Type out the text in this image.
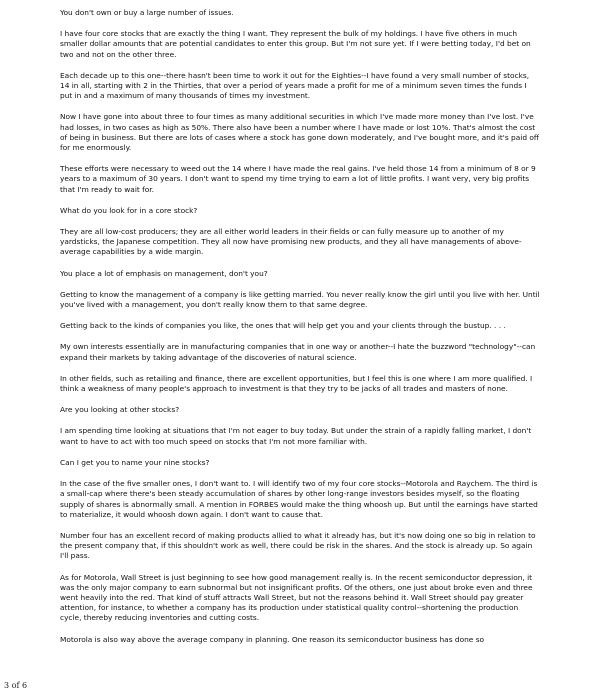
You don't own or buy a large number of issues.

I have four core stocks that are exactly the thing I want. They represent the bulk of my holdings. I have five others in much smaller dollar amounts that are potential candidates to enter this group. But I'm not sure yet. If I were betting today, I'd bet on two and not on the other three.

Each decade up to this one--there hasn't been time to work it out for the Eighties--I have found a very small number of stocks, 14 in all, starting with 2 in the Thirties, that over a period of years made a profit for me of a minimum seven times the funds I put in and a maximum of many thousands of times my investment.

Now I have gone into about three to four times as many additional securities in which I've made more money than I've lost. I've had losses, in two cases as high as 50%. There also have been a number where I have made or lost 10%. That's almost the cost of being in business. But there are lots of cases where a stock has gone down moderately, and I've bought more, and it's paid off for me enormously.

These efforts were necessary to weed out the 14 where I have made the real gains. I've held those 14 from a minimum of 8 or 9 years to a maximum of 30 years. I don't want to spend my time trying to earn a lot of little profits. I want very, very big profits that I'm ready to wait for.

What do you look for in a core stock?

They are all low-cost producers; they are all either world leaders in their fields or can fully measure up to another of my yardsticks, the Japanese competition. They all now have promising new products, and they all have managements of above-average capabilities by a wide margin.

You place a lot of emphasis on management, don't you?

Getting to know the management of a company is like getting married. You never really know the girl until you live with her. Until you've lived with a management, you don't really know them to that same degree.

Getting back to the kinds of companies you like, the ones that will help get you and your clients through the bustup. . . .

My own interests essentially are in manufacturing companies that in one way or another--I hate the buzzword "technology"--can expand their markets by taking advantage of the discoveries of natural science.

In other fields, such as retailing and finance, there are excellent opportunities, but I feel this is one where I am more qualified. I think a weakness of many people's approach to investment is that they try to be jacks of all trades and masters of none.

Are you looking at other stocks?

I am spending time looking at situations that I'm not eager to buy today. But under the strain of a rapidly falling market, I don't want to have to act with too much speed on stocks that I'm not more familiar with.

Can I get you to name your nine stocks?

In the case of the five smaller ones, I don't want to. I will identify two of my four core stocks--Motorola and Raychem. The third is a small-cap where there's been steady accumulation of shares by other long-range investors besides myself, so the floating supply of shares is abnormally small. A mention in FORBES would make the thing whoosh up. But until the earnings have started to materialize, it would whoosh down again. I don't want to cause that.

Number four has an excellent record of making products allied to what it already has, but it's now doing one so big in relation to the present company that, if this shouldn't work as well, there could be risk in the shares. And the stock is already up. So again I'll pass.

As for Motorola, Wall Street is just beginning to see how good management really is. In the recent semiconductor depression, it was the only major company to earn subnormal but not insignificant profits. Of the others, one just about broke even and three went heavily into the red. That kind of stuff attracts Wall Street, but not the reasons behind it. Wall Street should pay greater attention, for instance, to whether a company has its production under statistical quality control--shortening the production cycle, thereby reducing inventories and cutting costs.

Motorola is also way above the average company in planning. One reason its semiconductor business has done so

3 of 6
